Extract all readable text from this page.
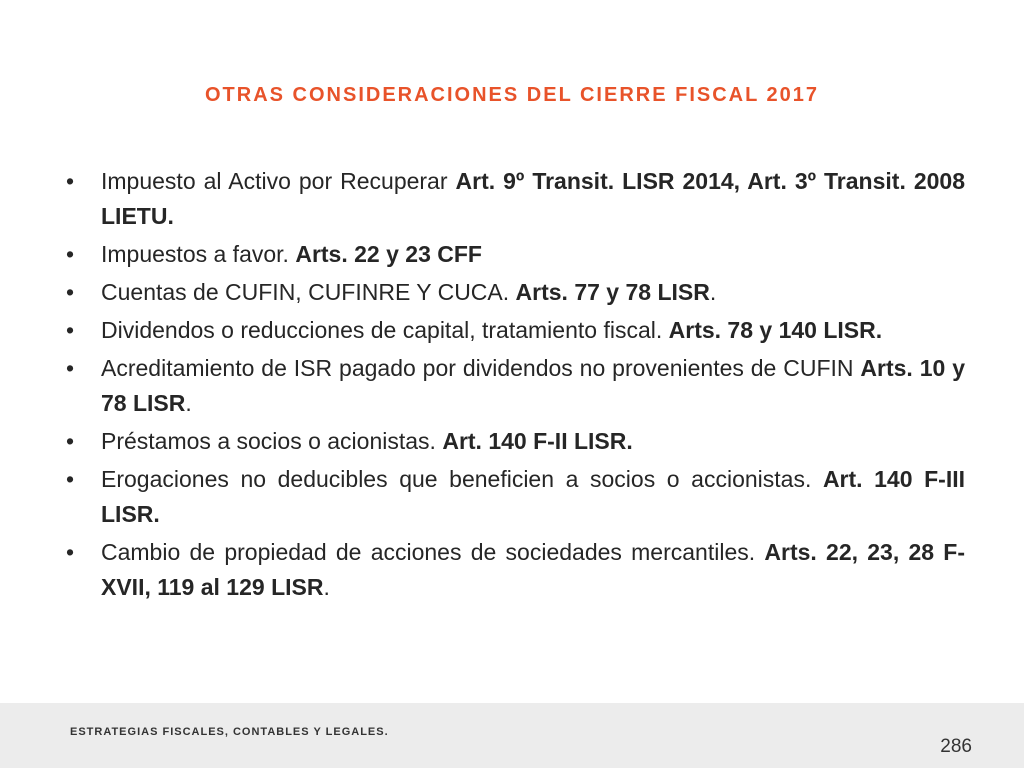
OTRAS CONSIDERACIONES DEL CIERRE FISCAL 2017
• Impuesto al Activo por Recuperar Art. 9º Transit. LISR 2014, Art. 3º Transit. 2008 LIETU.
• Impuestos a favor. Arts. 22 y 23 CFF
• Cuentas de CUFIN, CUFINRE Y CUCA. Arts. 77 y 78 LISR.
• Dividendos o reducciones de capital, tratamiento fiscal. Arts. 78 y 140 LISR.
• Acreditamiento de ISR pagado por dividendos no provenientes de CUFIN Arts. 10 y 78 LISR.
• Préstamos a socios o acionistas. Art. 140 F-II LISR.
• Erogaciones no deducibles que beneficien a socios o accionistas. Art. 140 F-III LISR.
• Cambio de propiedad de acciones de sociedades mercantiles. Arts. 22, 23, 28 F-XVII, 119 al 129 LISR.
ESTRATEGIAS FISCALES, CONTABLES Y LEGALES.
286
